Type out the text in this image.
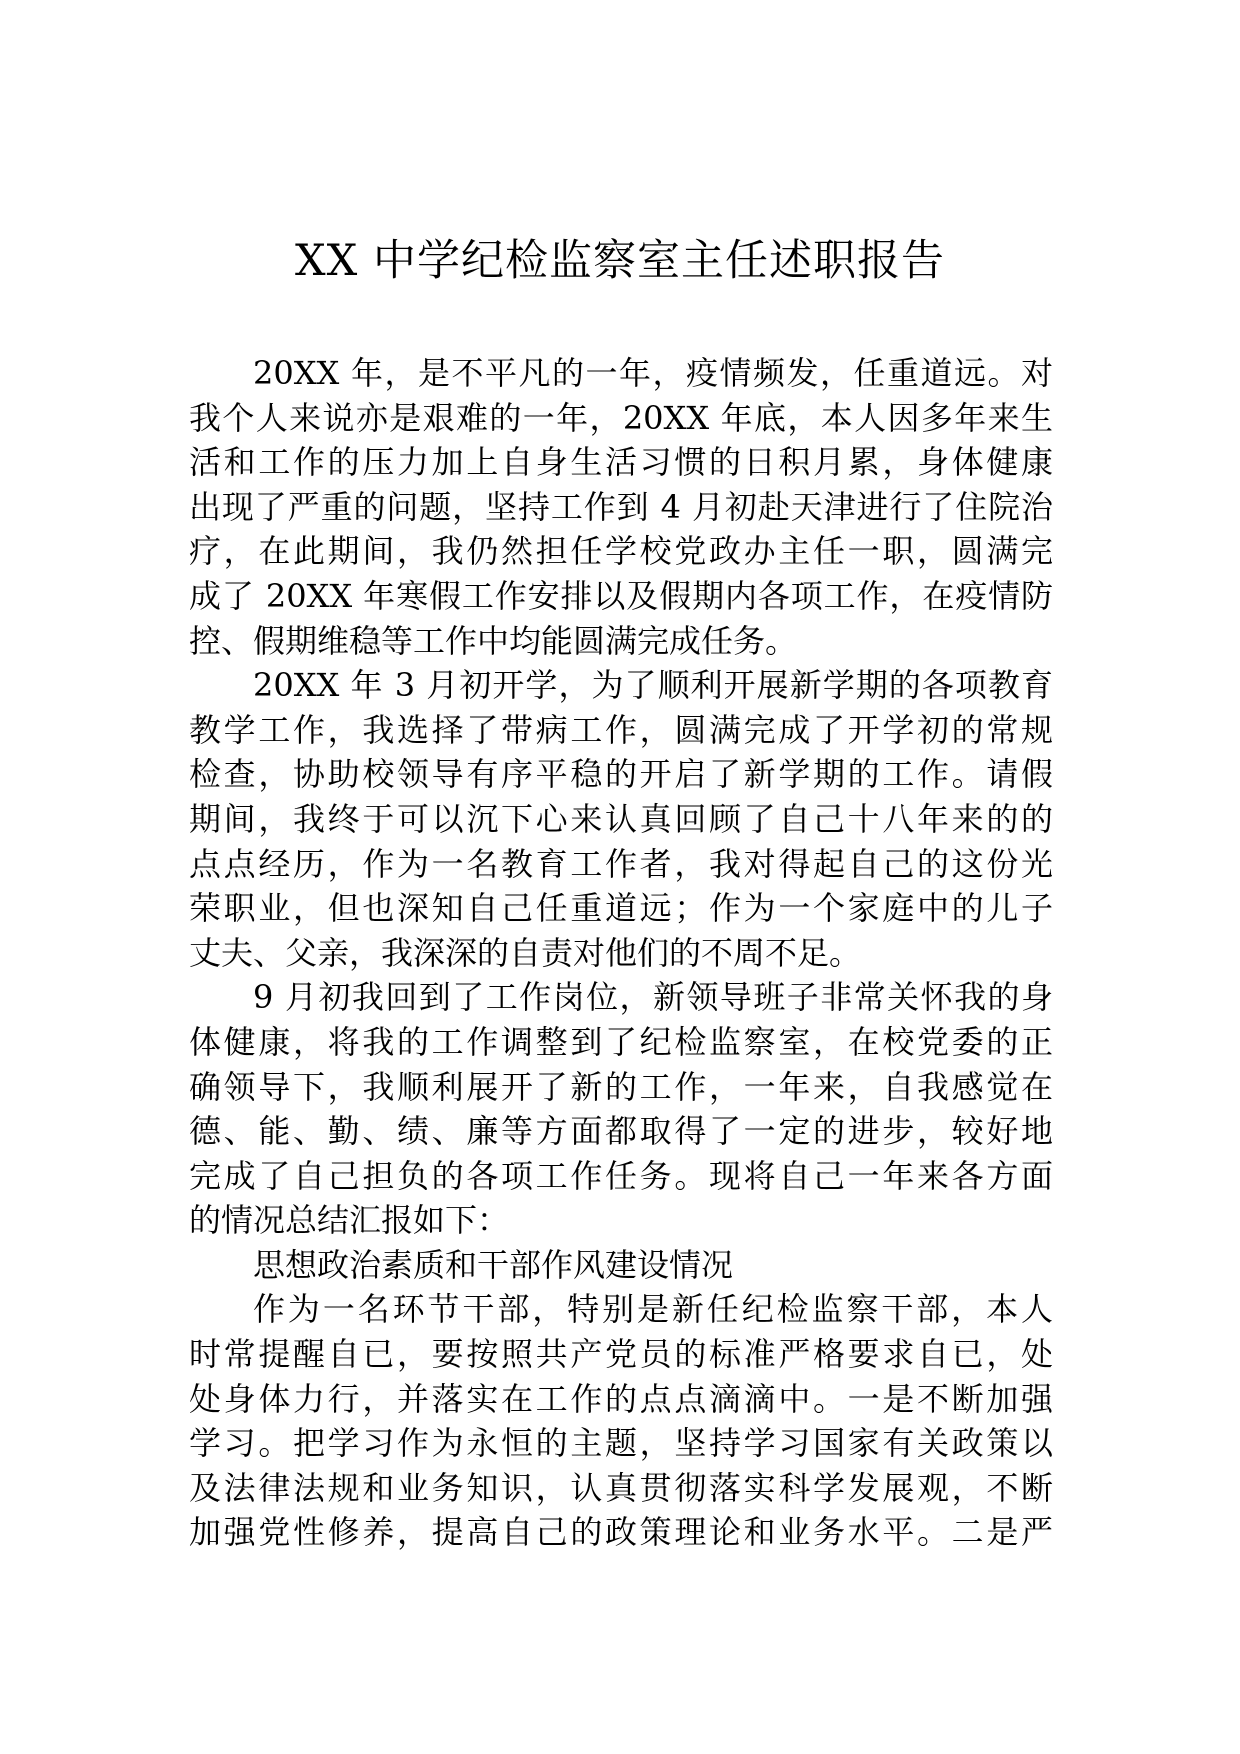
XX 中学纪检监察室主任述职报告
20XX 年，是不平凡的一年，疫情频发，任重道远。对
我个人来说亦是艰难的一年，20XX 年底，本人因多年来生
活和工作的压力加上自身生活习惯的日积月累，身体健康
出现了严重的问题，坚持工作到 4 月初赴天津进行了住院治
疗，在此期间，我仍然担任学校党政办主任一职，圆满完
成了 20XX 年寒假工作安排以及假期内各项工作，在疫情防
控、假期维稳等工作中均能圆满完成任务。
20XX 年 3 月初开学，为了顺利开展新学期的各项教育
教学工作，我选择了带病工作，圆满完成了开学初的常规
检查，协助校领导有序平稳的开启了新学期的工作。请假
期间，我终于可以沉下心来认真回顾了自己十八年来的的
点点经历，作为一名教育工作者，我对得起自己的这份光
荣职业，但也深知自己任重道远；作为一个家庭中的儿子
丈夫、父亲，我深深的自责对他们的不周不足。
9 月初我回到了工作岗位，新领导班子非常关怀我的身
体健康，将我的工作调整到了纪检监察室，在校党委的正
确领导下，我顺利展开了新的工作，一年来，自我感觉在
德、能、勤、绩、廉等方面都取得了一定的进步，较好地
完成了自己担负的各项工作任务。现将自己一年来各方面
的情况总结汇报如下：
思想政治素质和干部作风建设情况
作为一名环节干部，特别是新任纪检监察干部，本人
时常提醒自已，要按照共产党员的标准严格要求自已，处
处身体力行，并落实在工作的点点滴滴中。一是不断加强
学习。把学习作为永恒的主题，坚持学习国家有关政策以
及法律法规和业务知识，认真贯彻落实科学发展观，不断
加强党性修养，提高自己的政策理论和业务水平。二是严
